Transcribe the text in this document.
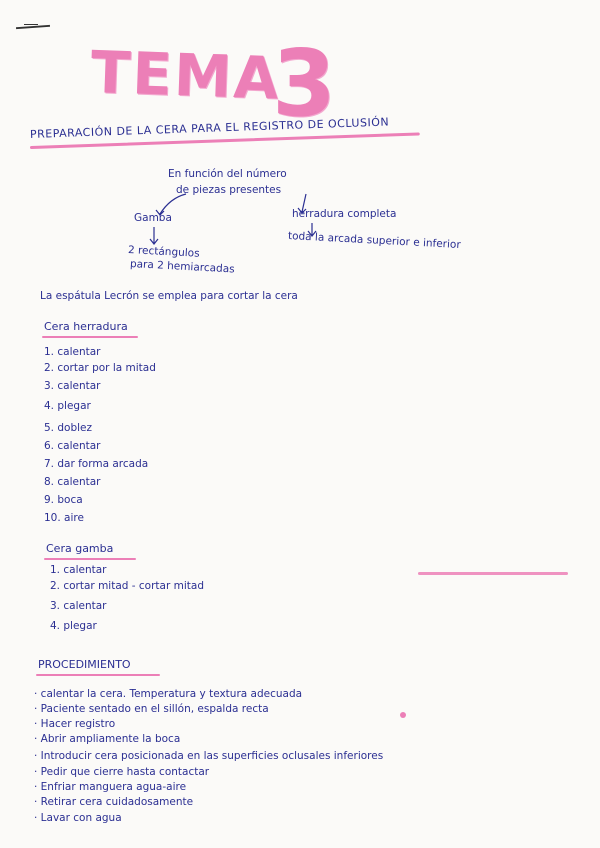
TEMA
3
PREPARACIÓN DE LA CERA PARA EL REGISTRO DE OCLUSIÓN
En función del número
de piezas presentes
Gamba	herradura completa
toda la arcada superior e inferior
2 rectángulos
para 2 hemiarcadas
La espátula Lecrón se emplea para cortar la cera
Cera herradura
1. calentar
2. cortar por la mitad
3. calentar
4. plegar
5. doblez
6. calentar
7. dar forma arcada
8. calentar
9. boca
10. aire
Cera gamba
1. calentar
2. cortar mitad - cortar mitad
3. calentar
4. plegar
PROCEDIMIENTO
· calentar la cera. Temperatura y textura adecuada
· Paciente sentado en el sillón, espalda recta
· Hacer registro
· Abrir ampliamente la boca
· Introducir cera posicionada en las superficies oclusales inferiores
· Pedir que cierre hasta contactar
· Enfriar manguera agua-aire
· Retirar cera cuidadosamente
· Lavar con agua
